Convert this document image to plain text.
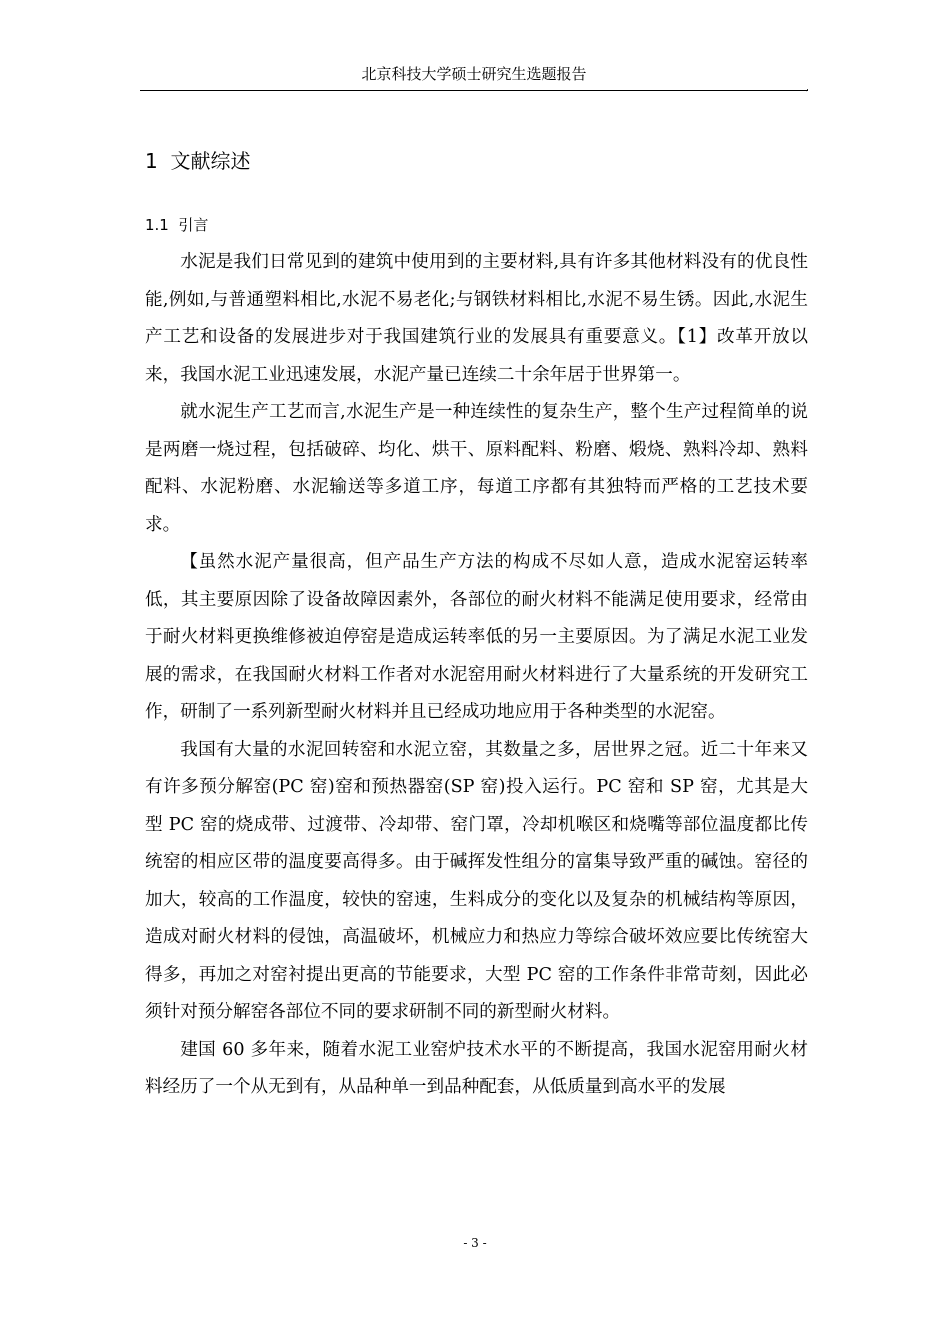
北京科技大学硕士研究生选题报告
,
1 文献综述
1.1 引言

水泥是我们日常见到的建筑中使用到的主要材料,具有许多其他材料没有的优良性能,例如,与普通塑料相比,水泥不易老化;与钢铁材料相比,水泥不易生锈。因此,水泥生产工艺和设备的发展进步对于我国建筑行业的发展具有重要意义。【1】改革开放以来，我国水泥工业迅速发展，水泥产量已连续二十余年居于世界第一。

就水泥生产工艺而言,水泥生产是一种连续性的复杂生产，整个生产过程简单的说是两磨一烧过程，包括破碎、均化、烘干、原料配料、粉磨、煅烧、熟料冷却、熟料配料、水泥粉磨、水泥输送等多道工序，每道工序都有其独特而严格的工艺技术要求。

【虽然水泥产量很高，但产品生产方法的构成不尽如人意，造成水泥窑运转率低，其主要原因除了设备故障因素外，各部位的耐火材料不能满足使用要求，经常由于耐火材料更换维修被迫停窑是造成运转率低的另一主要原因。为了满足水泥工业发展的需求，在我国耐火材料工作者对水泥窑用耐火材料进行了大量系统的开发研究工作，研制了一系列新型耐火材料并且已经成功地应用于各种类型的水泥窑。

我国有大量的水泥回转窑和水泥立窑，其数量之多，居世界之冠。近二十年来又有许多预分解窑(PC 窑)窑和预热器窑(SP 窑)投入运行。PC 窑和 SP 窑，尤其是大型 PC 窑的烧成带、过渡带、冷却带、窑门罩，冷却机喉区和烧嘴等部位温度都比传统窑的相应区带的温度要高得多。由于碱挥发性组分的富集导致严重的碱蚀。窑径的加大，较高的工作温度，较快的窑速，生料成分的变化以及复杂的机械结构等原因，造成对耐火材料的侵蚀，高温破坏，机械应力和热应力等综合破坏效应要比传统窑大得多，再加之对窑衬提出更高的节能要求，大型 PC 窑的工作条件非常苛刻，因此必须针对预分解窑各部位不同的要求研制不同的新型耐火材料。

建国 60 多年来，随着水泥工业窑炉技术水平的不断提高，我国水泥窑用耐火材料经历了一个从无到有，从品种单一到品种配套，从低质量到高水平的发展

- 3 -
